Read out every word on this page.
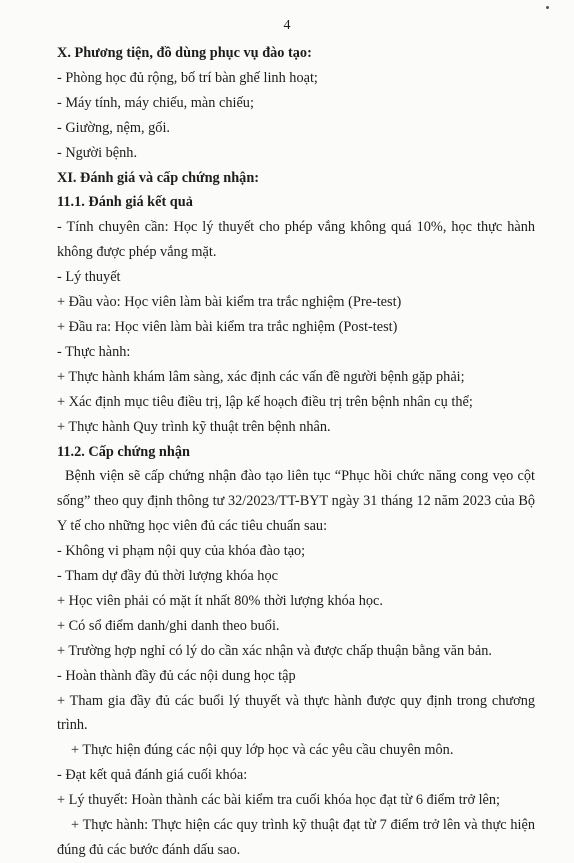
4

X. Phương tiện, đồ dùng phục vụ đào tạo:

- Phòng học đủ rộng, bố trí bàn ghế linh hoạt;

- Máy tính, máy chiếu, màn chiếu;

- Giường, nệm, gối.

- Người bệnh.

XI. Đánh giá và cấp chứng nhận:

11.1. Đánh giá kết quả

- Tính chuyên cần: Học lý thuyết cho phép vắng không quá 10%, học thực hành không được phép vắng mặt.

- Lý thuyết

+ Đầu vào: Học viên làm bài kiểm tra trắc nghiệm (Pre-test)

+ Đầu ra: Học viên làm bài kiểm tra trắc nghiệm (Post-test)

- Thực hành:

+ Thực hành khám lâm sàng, xác định các vấn đề người bệnh gặp phải;

+ Xác định mục tiêu điều trị, lập kế hoạch điều trị trên bệnh nhân cụ thể;

+ Thực hành Quy trình kỹ thuật trên bệnh nhân.

11.2. Cấp chứng nhận

Bệnh viện sẽ cấp chứng nhận đào tạo liên tục “Phục hồi chức năng cong vẹo cột sống” theo quy định thông tư 32/2023/TT-BYT ngày 31 tháng 12 năm 2023 của Bộ Y tế cho những học viên đủ các tiêu chuẩn sau:

- Không vi phạm nội quy của khóa đào tạo;

- Tham dự đầy đủ thời lượng khóa học

+ Học viên phải có mặt ít nhất 80% thời lượng khóa học.

+ Có sổ điểm danh/ghi danh theo buổi.

+ Trường hợp nghỉ có lý do cần xác nhận và được chấp thuận bằng văn bản.

- Hoàn thành đầy đủ các nội dung học tập

+ Tham gia đầy đủ các buổi lý thuyết và thực hành được quy định trong chương trình.

+ Thực hiện đúng các nội quy lớp học và các yêu cầu chuyên môn.

- Đạt kết quả đánh giá cuối khóa:

+ Lý thuyết: Hoàn thành các bài kiểm tra cuối khóa học đạt từ 6 điểm trở lên;

+ Thực hành: Thực hiện các quy trình kỹ thuật đạt từ 7 điểm trở lên và thực hiện đúng đủ các bước đánh dấu sao.
